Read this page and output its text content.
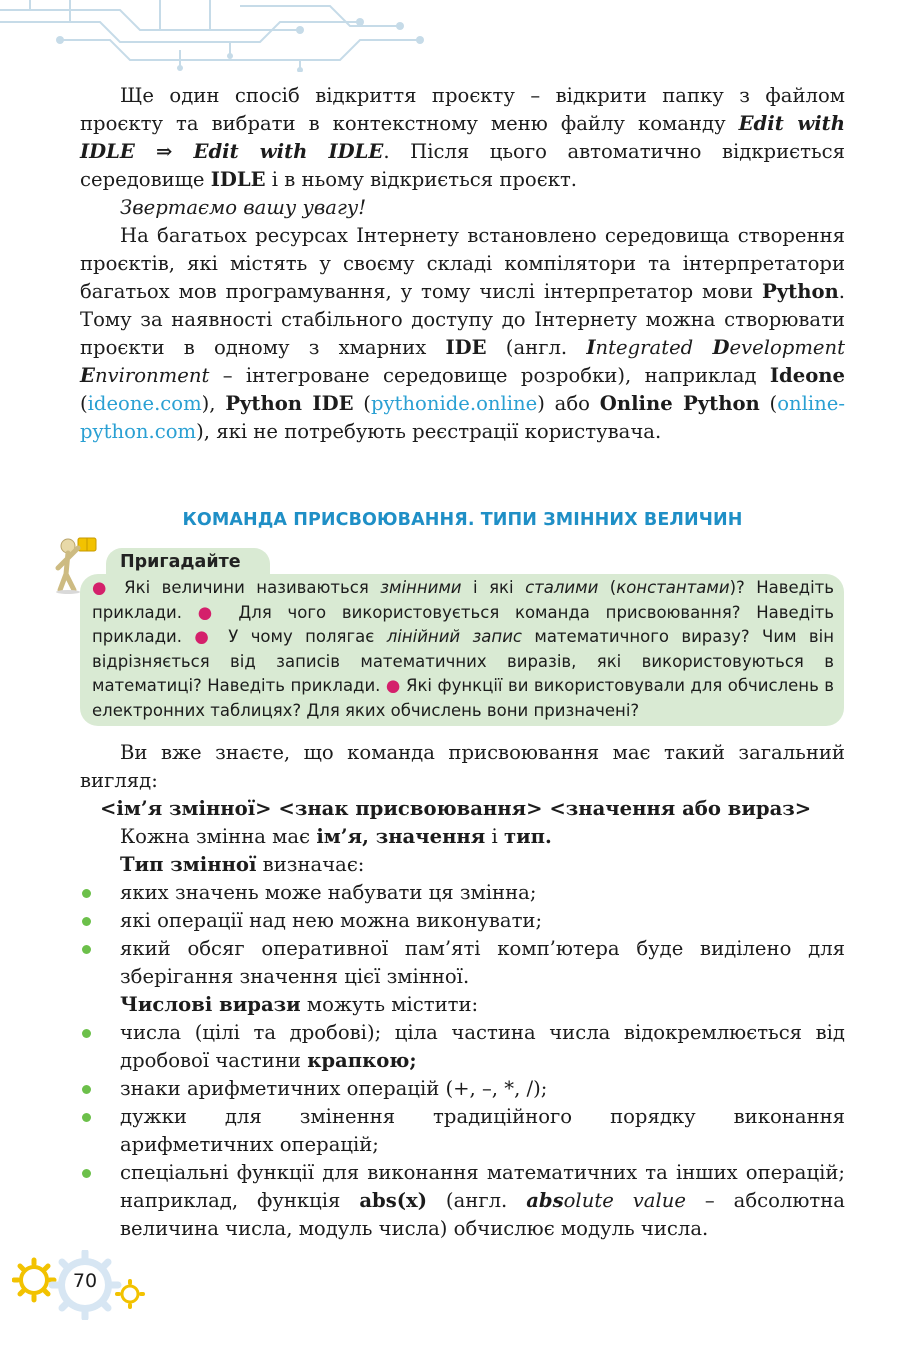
Ще один спосіб відкриття проєкту – відкрити папку з файлом проєкту та вибрати в контекстному меню файлу команду Edit with IDLE ⇒ Edit with IDLE. Після цього автоматично відкриється середовище IDLE і в ньому відкриється проєкт.

Звертаємо вашу увагу!

На багатьох ресурсах Інтернету встановлено середовища створення проєктів, які містять у своєму складі компілятори та інтерпретатори багатьох мов програмування, у тому числі інтерпретатор мови Python. Тому за наявності стабільного доступу до Інтернету можна створювати проєкти в одному з хмарних IDE (англ. Integrated Development Environment – інтегроване середовище розробки), наприклад Ideone (ideone.com), Python IDE (pythonide.online) або Online Python (online-python.com), які не потребують реєстрації користувача.

КОМАНДА ПРИСВОЮВАННЯ. ТИПИ ЗМІННИХ ВЕЛИЧИН
Пригадайте
● Які величини називаються змінними і які сталими (константами)? Наведіть приклади. ● Для чого використовується команда присвоювання? Наведіть приклади. ● У чому полягає лінійний запис математичного виразу? Чим він відрізняється від записів математичних виразів, які використовуються в математиці? Наведіть приклади. ● Які функції ви використовували для обчислень в електронних таблицях? Для яких обчислень вони призначені?

Ви вже знаєте, що команда присвоювання має такий загальний вигляд:

<ім’я змінної> <знак присвоювання> <значення або вираз>

Кожна змінна має ім’я, значення і тип.

Тип змінної визначає:

яких значень може набувати ця змінна;

які операції над нею можна виконувати;

який обсяг оперативної пам’яті комп’ютера буде виділено для зберігання значення цієї змінної.

Числові вирази можуть містити:

числа (цілі та дробові); ціла частина числа відокремлюється від дробової частини крапкою;

знаки арифметичних операцій (+, –, *, /);

дужки для змінення традиційного порядку виконання арифметичних операцій;

спеціальні функції для виконання математичних та інших операцій; наприклад, функція abs(x) (англ. absolute value – абсолютна величина числа, модуль числа) обчислює модуль числа.

70
